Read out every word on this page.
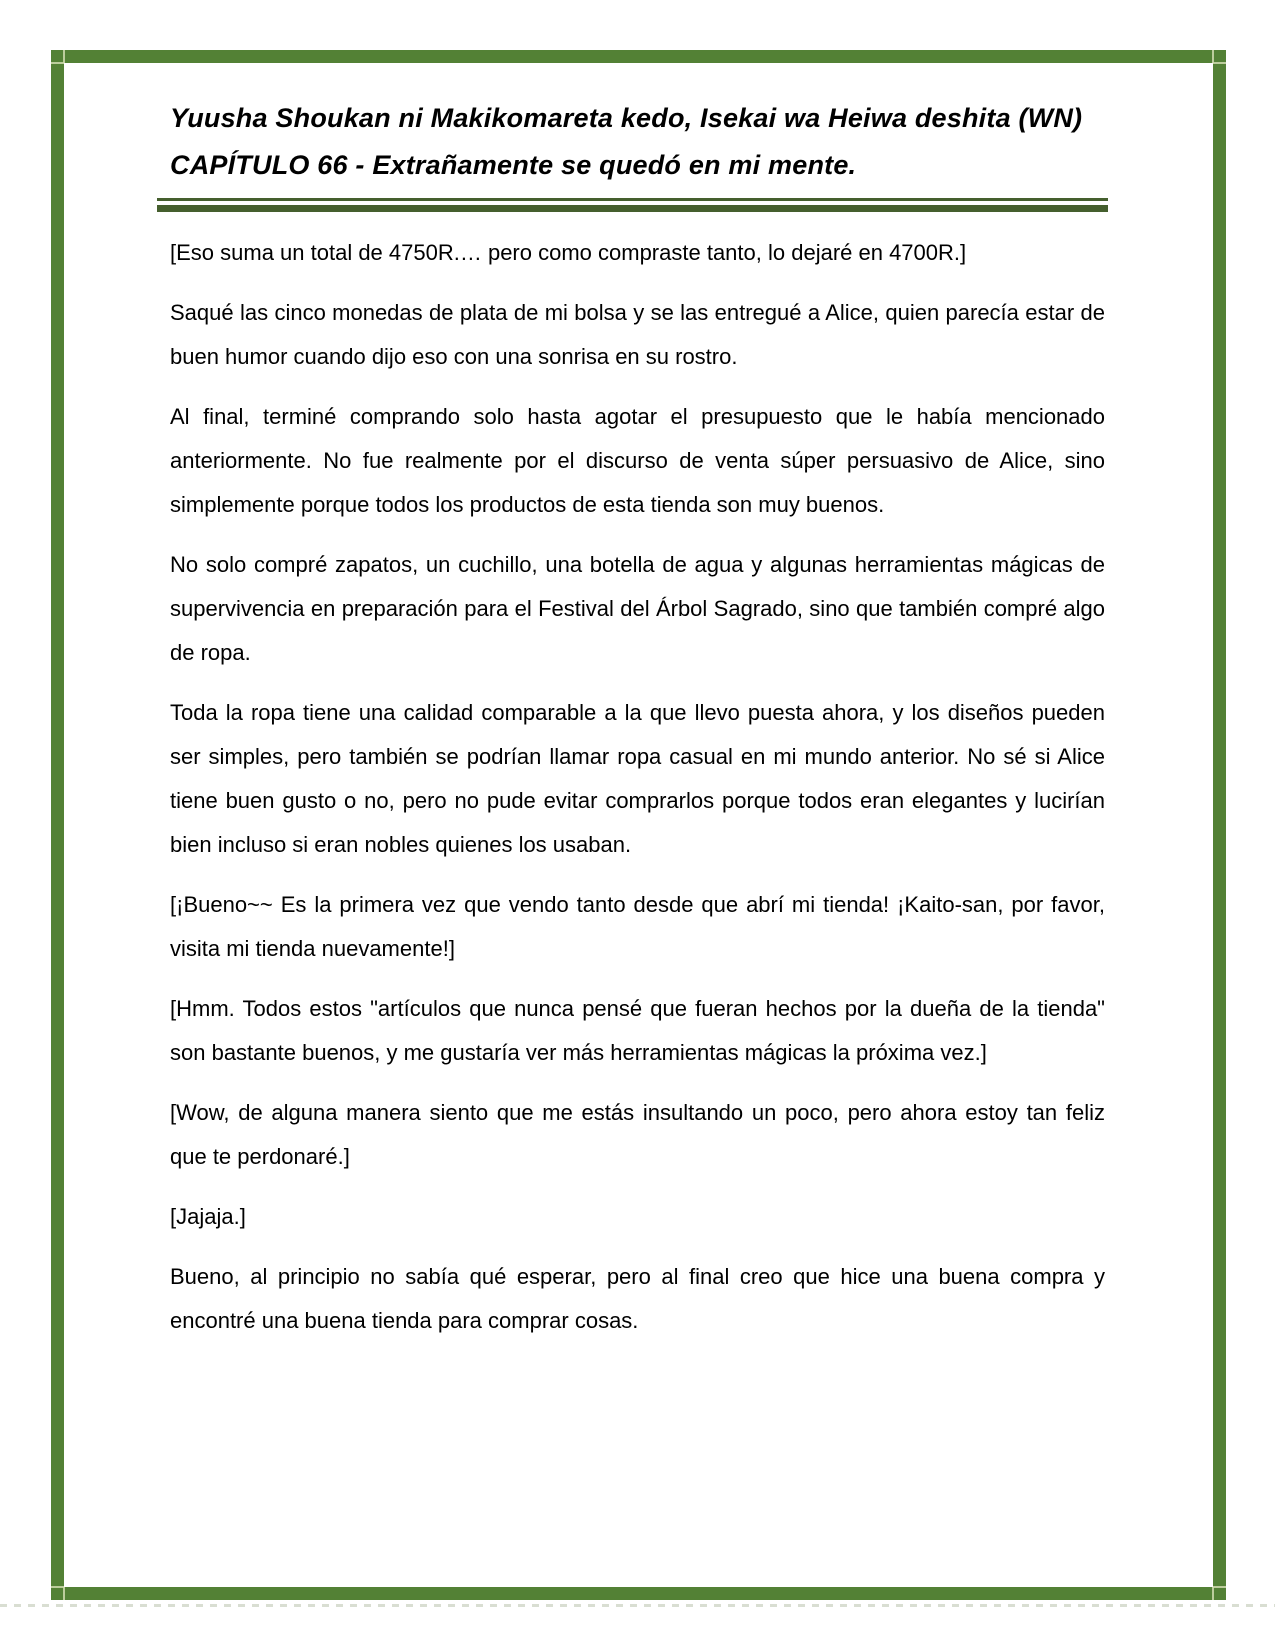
Yuusha Shoukan ni Makikomareta kedo, Isekai wa Heiwa deshita (WN)
CAPÍTULO 66 - Extrañamente se quedó en mi mente.

[Eso suma un total de 4750R.… pero como compraste tanto, lo dejaré en 4700R.]

Saqué las cinco monedas de plata de mi bolsa y se las entregué a Alice, quien parecía estar de buen humor cuando dijo eso con una sonrisa en su rostro.

Al final, terminé comprando solo hasta agotar el presupuesto que le había mencionado anteriormente. No fue realmente por el discurso de venta súper persuasivo de Alice, sino simplemente porque todos los productos de esta tienda son muy buenos.

No solo compré zapatos, un cuchillo, una botella de agua y algunas herramientas mágicas de supervivencia en preparación para el Festival del Árbol Sagrado, sino que también compré algo de ropa.

Toda la ropa tiene una calidad comparable a la que llevo puesta ahora, y los diseños pueden ser simples, pero también se podrían llamar ropa casual en mi mundo anterior. No sé si Alice tiene buen gusto o no, pero no pude evitar comprarlos porque todos eran elegantes y lucirían bien incluso si eran nobles quienes los usaban.

[¡Bueno~~ Es la primera vez que vendo tanto desde que abrí mi tienda! ¡Kaito-san, por favor, visita mi tienda nuevamente!]

[Hmm. Todos estos "artículos que nunca pensé que fueran hechos por la dueña de la tienda" son bastante buenos, y me gustaría ver más herramientas mágicas la próxima vez.]

[Wow, de alguna manera siento que me estás insultando un poco, pero ahora estoy tan feliz que te perdonaré.]

[Jajaja.]

Bueno, al principio no sabía qué esperar, pero al final creo que hice una buena compra y encontré una buena tienda para comprar cosas.
